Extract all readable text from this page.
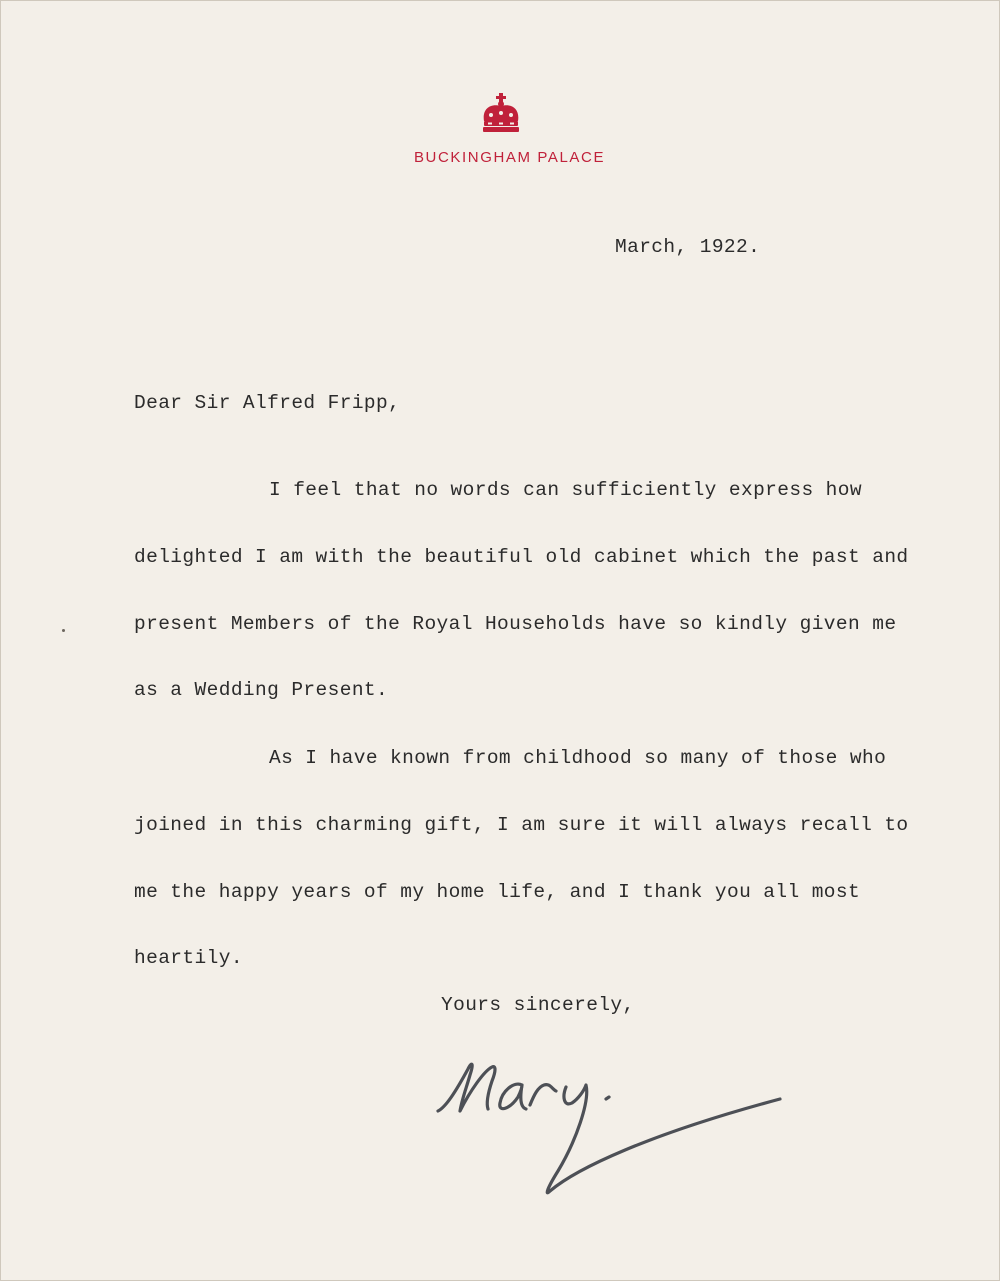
BUCKINGHAM PALACE
March, 1922.
Dear Sir Alfred Fripp,
I feel that no words can sufficiently express how delighted I am with the beautiful old cabinet which the past and present Members of the Royal Households have so kindly given me as a Wedding Present.
As I have known from childhood so many of those who joined in this charming gift, I am sure it will always recall to me the happy years of my home life, and I thank you all most heartily.
Yours sincerely,
